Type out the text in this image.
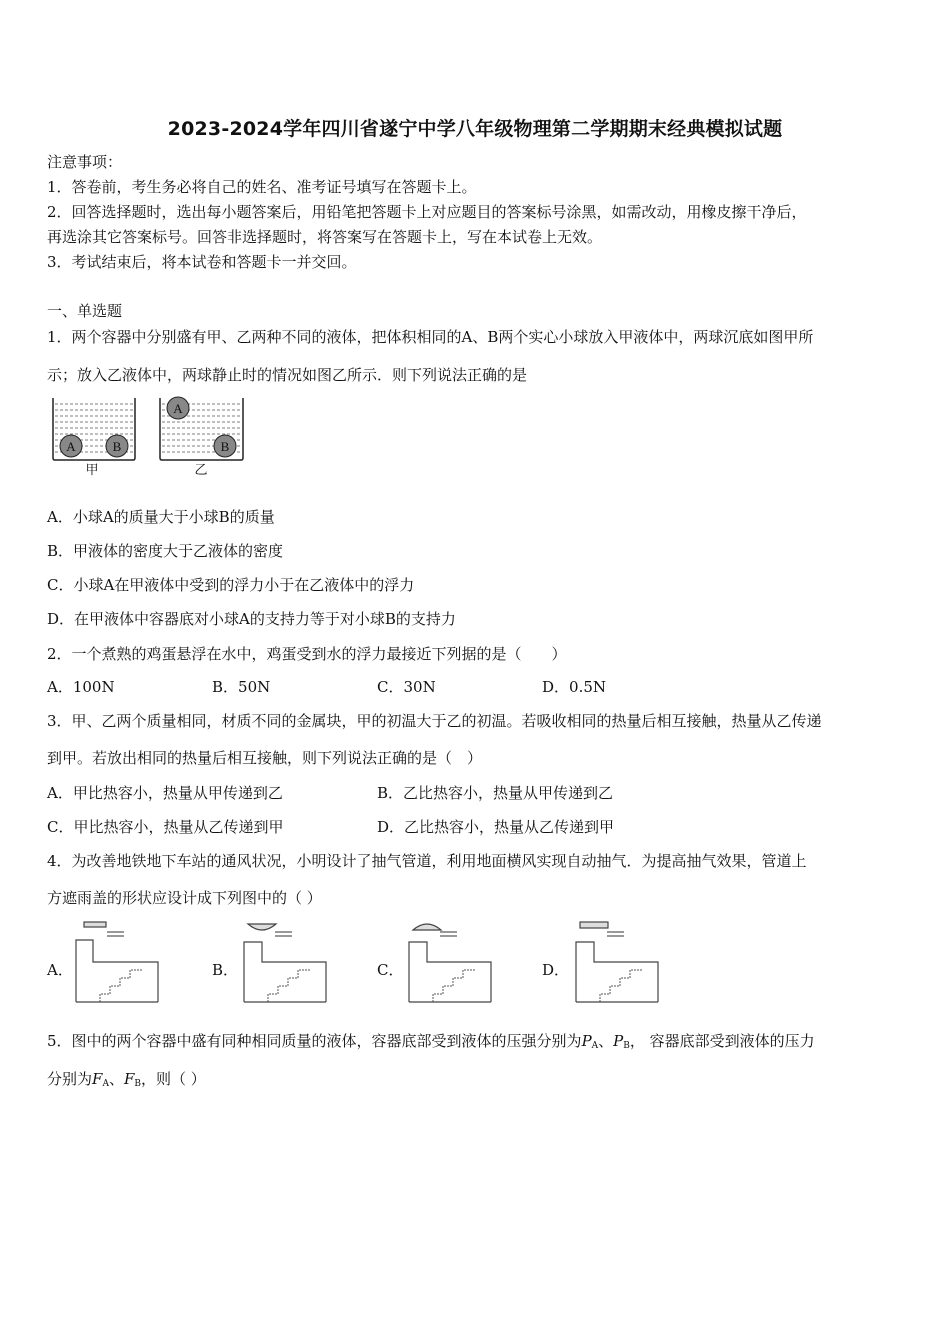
2023-2024学年四川省遂宁中学八年级物理第二学期期末经典模拟试题
注意事项：
1．答卷前，考生务必将自己的姓名、准考证号填写在答题卡上。
2．回答选择题时，选出每小题答案后，用铅笔把答题卡上对应题目的答案标号涂黑，如需改动，用橡皮擦干净后，
再选涂其它答案标号。回答非选择题时，将答案写在答题卡上，写在本试卷上无效。
3．考试结束后，将本试卷和答题卡一并交回。
一、单选题
1．两个容器中分别盛有甲、乙两种不同的液体，把体积相同的A、B两个实心小球放入甲液体中，两球沉底如图甲所
示；放入乙液体中，两球静止时的情况如图乙所示．则下列说法正确的是
A	B
甲
A
B
乙
A．小球A的质量大于小球B的质量
B．甲液体的密度大于乙液体的密度
C．小球A在甲液体中受到的浮力小于在乙液体中的浮力
D．在甲液体中容器底对小球A的支持力等于对小球B的支持力
2．一个煮熟的鸡蛋悬浮在水中，鸡蛋受到水的浮力最接近下列据的是（　　）
A．100N	B．50N	C．30N	D．0.5N
3．甲、乙两个质量相同，材质不同的金属块，甲的初温大于乙的初温。若吸收相同的热量后相互接触，热量从乙传递
到甲。若放出相同的热量后相互接触，则下列说法正确的是（　）
A．甲比热容小，热量从甲传递到乙	B．乙比热容小，热量从甲传递到乙
C．甲比热容小，热量从乙传递到甲	D．乙比热容小，热量从乙传递到甲
4．为改善地铁地下车站的通风状况，小明设计了抽气管道，利用地面横风实现自动抽气．为提高抽气效果，管道上
方遮雨盖的形状应设计成下列图中的（ ）
A．	B．	C．	D．
5．图中的两个容器中盛有同种相同质量的液体，容器底部受到液体的压强分别为$P_A$、$P_B$， 容器底部受到液体的压力
分别为$F_A$、$F_B$，则（ ）
